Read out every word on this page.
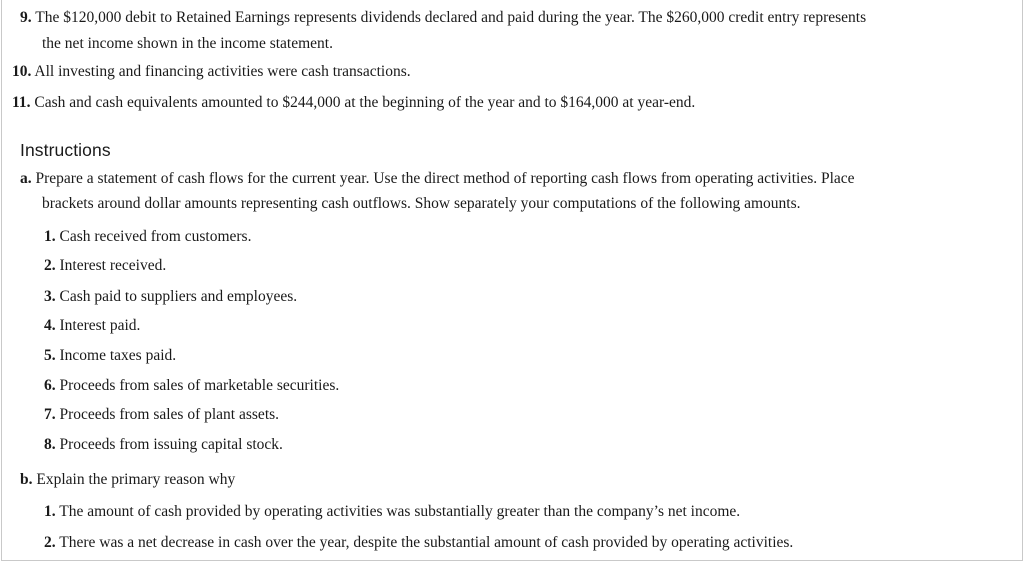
9. The $120,000 debit to Retained Earnings represents dividends declared and paid during the year. The $260,000 credit entry represents
the net income shown in the income statement.
10. All investing and financing activities were cash transactions.
11. Cash and cash equivalents amounted to $244,000 at the beginning of the year and to $164,000 at year-end.
Instructions
a. Prepare a statement of cash flows for the current year. Use the direct method of reporting cash flows from operating activities. Place
brackets around dollar amounts representing cash outflows. Show separately your computations of the following amounts.
1. Cash received from customers.
2. Interest received.
3. Cash paid to suppliers and employees.
4. Interest paid.
5. Income taxes paid.
6. Proceeds from sales of marketable securities.
7. Proceeds from sales of plant assets.
8. Proceeds from issuing capital stock.
b. Explain the primary reason why
1. The amount of cash provided by operating activities was substantially greater than the company’s net income.
2. There was a net decrease in cash over the year, despite the substantial amount of cash provided by operating activities.
